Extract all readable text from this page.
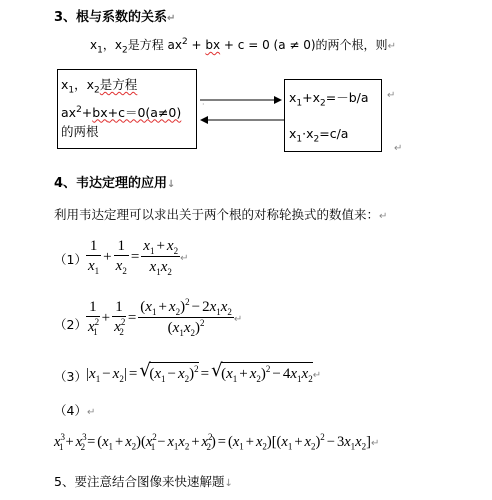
3、根与系数的关系↵
$x_1$，$x_2$是方程 $ax^2$ + bx + c = 0 (a ≠ 0)的两个根，则↵
$x_1$，$x_2$是方程
$ax^2+bx+c=0(a\ne 0)$
的两根
·	$x_1+x_2=-b/a$
$x_1\cdot x_2=c/a$
↵
↵
4、韦达定理的应用↓
利用韦达定理可以求出关于两个根的对称轮换式的数值来：↵
$(1) \frac{1}{x_1} + \frac{1}{x_2} = \frac{x_1 + x_2}{x_1x_2}$ ↵
$(2) \frac{1}{x^2_1} + \frac{1}{x^2_2} = \frac{(x_1 + x_2)^2 - 2x_1x_2}{(x_1x_2)^2}$ ↵
（3） $|x_1 - x_2|$ = √
$(x_1 - x_2)^2$ = √
$(x_1 + x_2)^2$ − $4x_1x_2↵$
（4）↵
$x^3_1 + x^3_2 = (x_1 + x_2)(x^2_1 - x_1x_2 + x^2_2) = (x_1 + x_2)[(x_1 + x_2)^2$ − $3x_1x_2]↵$
5、要注意结合图像来快速解题↓
